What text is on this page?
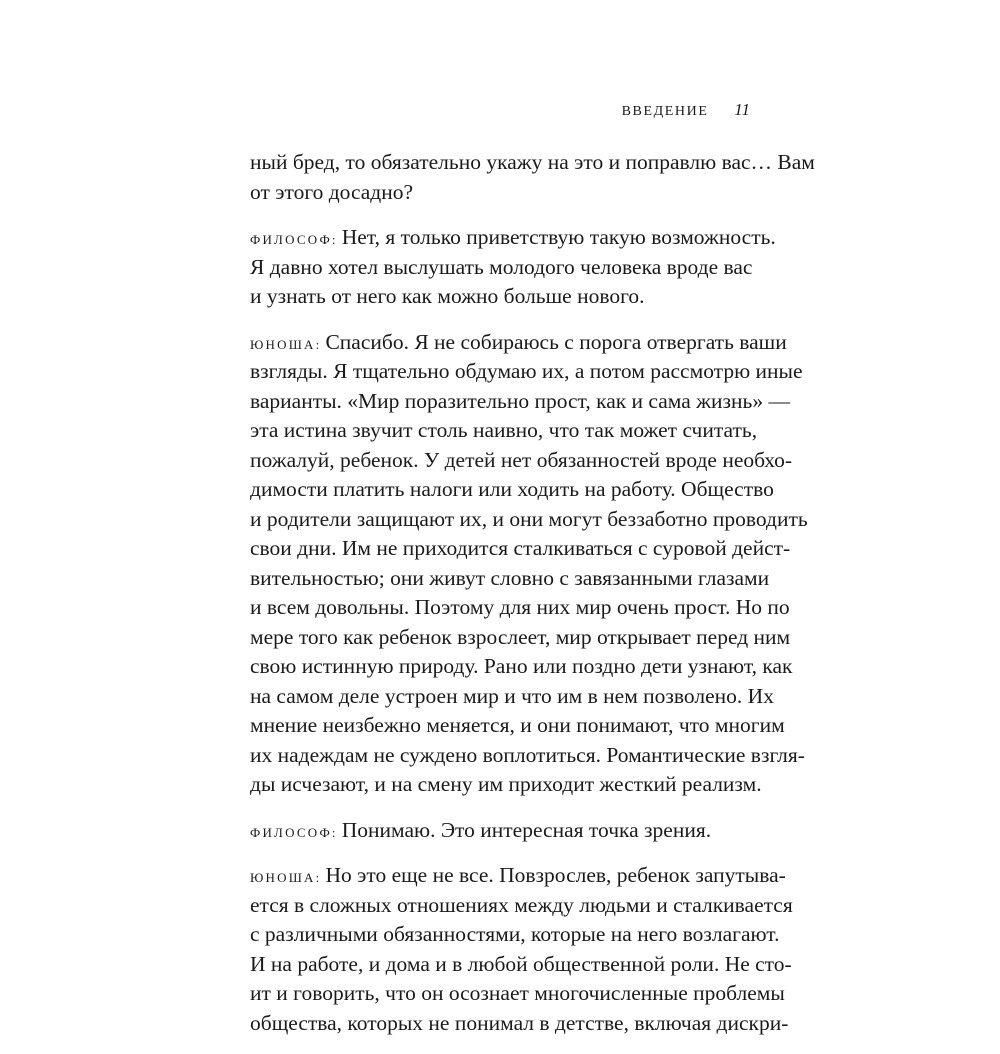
ВВЕДЕНИЕ 11
ный бред, то обязательно укажу на это и поправлю вас… Вам
от этого досадно?
ФИЛОСОФ: Нет, я только приветствую такую возможность.
Я давно хотел выслушать молодого человека вроде вас
и узнать от него как можно больше нового.
ЮНОША: Спасибо. Я не собираюсь с порога отвергать ваши
взгляды. Я тщательно обдумаю их, а потом рассмотрю иные
варианты. «Мир поразительно прост, как и сама жизнь» —
эта истина звучит столь наивно, что так может считать,
пожалуй, ребенок. У детей нет обязанностей вроде необхо-
димости платить налоги или ходить на работу. Общество
и родители защищают их, и они могут беззаботно проводить
свои дни. Им не приходится сталкиваться с суровой дейст-
вительностью; они живут словно с завязанными глазами
и всем довольны. Поэтому для них мир очень прост. Но по
мере того как ребенок взрослеет, мир открывает перед ним
свою истинную природу. Рано или поздно дети узнают, как
на самом деле устроен мир и что им в нем позволено. Их
мнение неизбежно меняется, и они понимают, что многим
их надеждам не суждено воплотиться. Романтические взгля-
ды исчезают, и на смену им приходит жесткий реализм.
ФИЛОСОФ: Понимаю. Это интересная точка зрения.
ЮНОША: Но это еще не все. Повзрослев, ребенок запутыва-
ется в сложных отношениях между людьми и сталкивается
с различными обязанностями, которые на него возлагают.
И на работе, и дома и в любой общественной роли. Не сто-
ит и говорить, что он осознает многочисленные проблемы
общества, которых не понимал в детстве, включая дискри-
